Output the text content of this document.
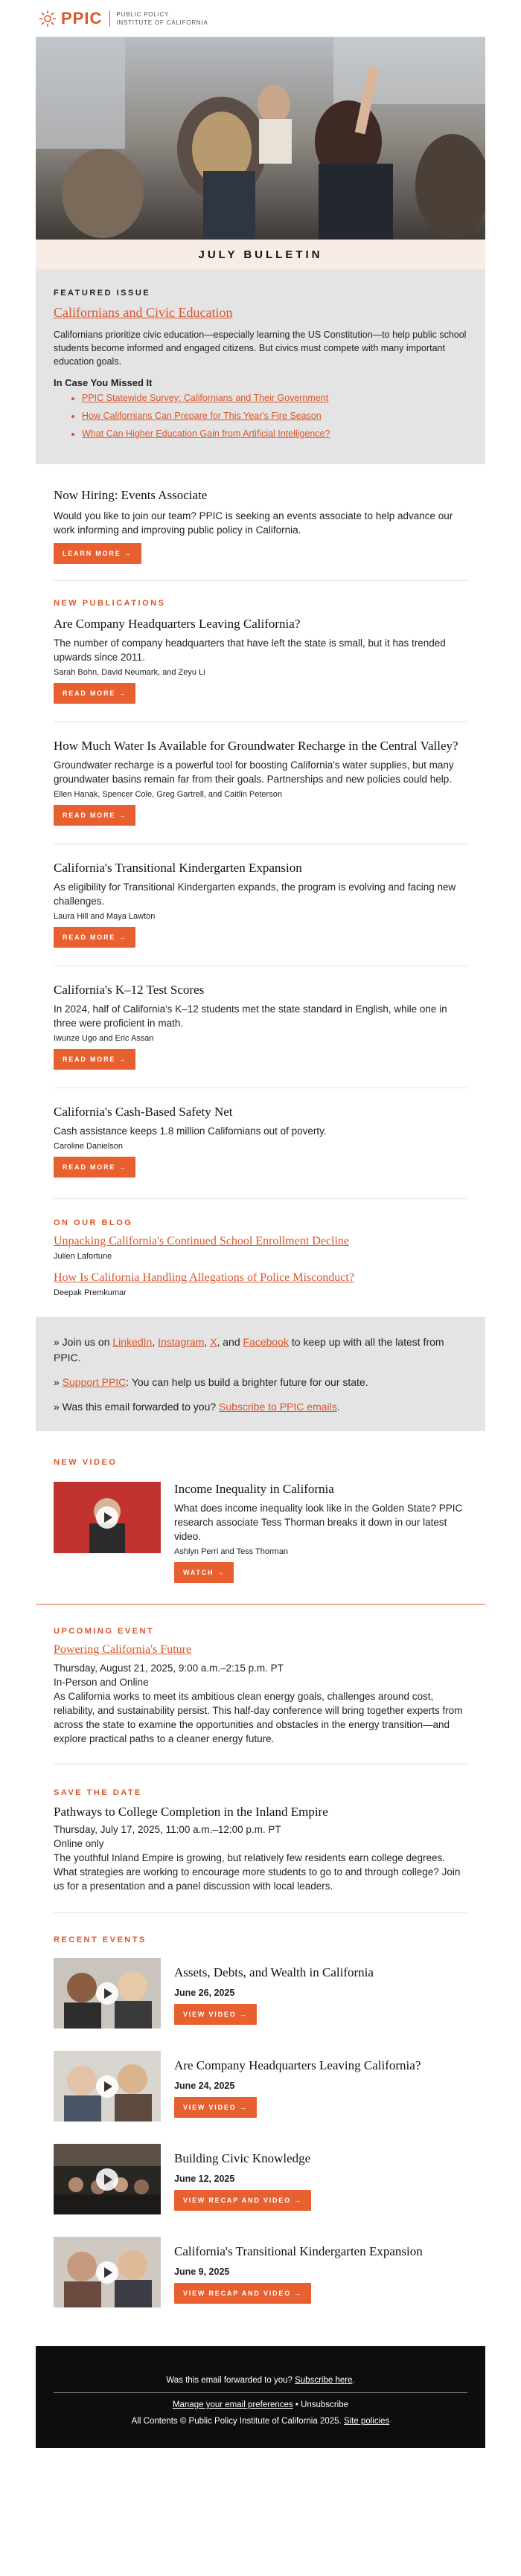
PPIC PUBLIC POLICY
INSTITUTE OF CALIFORNIA
JULY BULLETIN
FEATURED ISSUE
Californians and Civic Education

Californians prioritize civic education—especially learning the US Constitution—to help public school students become informed and engaged citizens. But civics must compete with many important education goals.

In Case You Missed It
• PPIC Statewide Survey: Californians and Their Government
• How Californians Can Prepare for This Year's Fire Season
• What Can Higher Education Gain from Artificial Intelligence?
Now Hiring: Events Associate
Would you like to join our team? PPIC is seeking an events associate to help advance our work informing and improving public policy in California.
LEARN MORE →
NEW PUBLICATIONS
Are Company Headquarters Leaving California?
The number of company headquarters that have left the state is small, but it has trended upwards since 2011.
Sarah Bohn, David Neumark, and Zeyu Li
READ MORE →
How Much Water Is Available for Groundwater Recharge in the Central Valley?
Groundwater recharge is a powerful tool for boosting California's water supplies, but many groundwater basins remain far from their goals. Partnerships and new policies could help.
Ellen Hanak, Spencer Cole, Greg Gartrell, and Caitlin Peterson
READ MORE →
California's Transitional Kindergarten Expansion
As eligibility for Transitional Kindergarten expands, the program is evolving and facing new challenges.
Laura Hill and Maya Lawton
READ MORE →
California's K–12 Test Scores
In 2024, half of California's K–12 students met the state standard in English, while one in three were proficient in math.
Iwunze Ugo and Eric Assan
READ MORE →
California's Cash-Based Safety Net
Cash assistance keeps 1.8 million Californians out of poverty.
Caroline Danielson
READ MORE →
ON OUR BLOG
Unpacking California's Continued School Enrollment Decline
Julien Lafortune
How Is California Handling Allegations of Police Misconduct?
Deepak Premkumar

» Join us on LinkedIn, Instagram, X, and Facebook to keep up with all the latest from PPIC.

» Support PPIC: You can help us build a brighter future for our state.

» Was this email forwarded to you? Subscribe to PPIC emails.

NEW VIDEO
Income Inequality in California
What does income inequality look like in the Golden State? PPIC research associate Tess Thorman breaks it down in our latest video.
Ashlyn Perri and Tess Thorman
WATCH →
UPCOMING EVENT
Powering California's Future
Thursday, August 21, 2025, 9:00 a.m.–2:15 p.m. PT
In-Person and Online
As California works to meet its ambitious clean energy goals, challenges around cost, reliability, and sustainability persist. This half-day conference will bring together experts from across the state to examine the opportunities and obstacles in the energy transition—and explore practical paths to a cleaner energy future.
SAVE THE DATE
Pathways to College Completion in the Inland Empire
Thursday, July 17, 2025, 11:00 a.m.–12:00 p.m. PT
Online only
The youthful Inland Empire is growing, but relatively few residents earn college degrees. What strategies are working to encourage more students to go to and through college? Join us for a presentation and a panel discussion with local leaders.
RECENT EVENTS
Assets, Debts, and Wealth in California
June 26, 2025
VIEW VIDEO →
Are Company Headquarters Leaving California?
June 24, 2025
VIEW VIDEO →
Building Civic Knowledge
June 12, 2025
VIEW RECAP AND VIDEO →
California's Transitional Kindergarten Expansion
June 9, 2025
VIEW RECAP AND VIDEO →
Was this email forwarded to you? Subscribe here.
Manage your email preferences • Unsubscribe
All Contents © Public Policy Institute of California 2025. Site policies
